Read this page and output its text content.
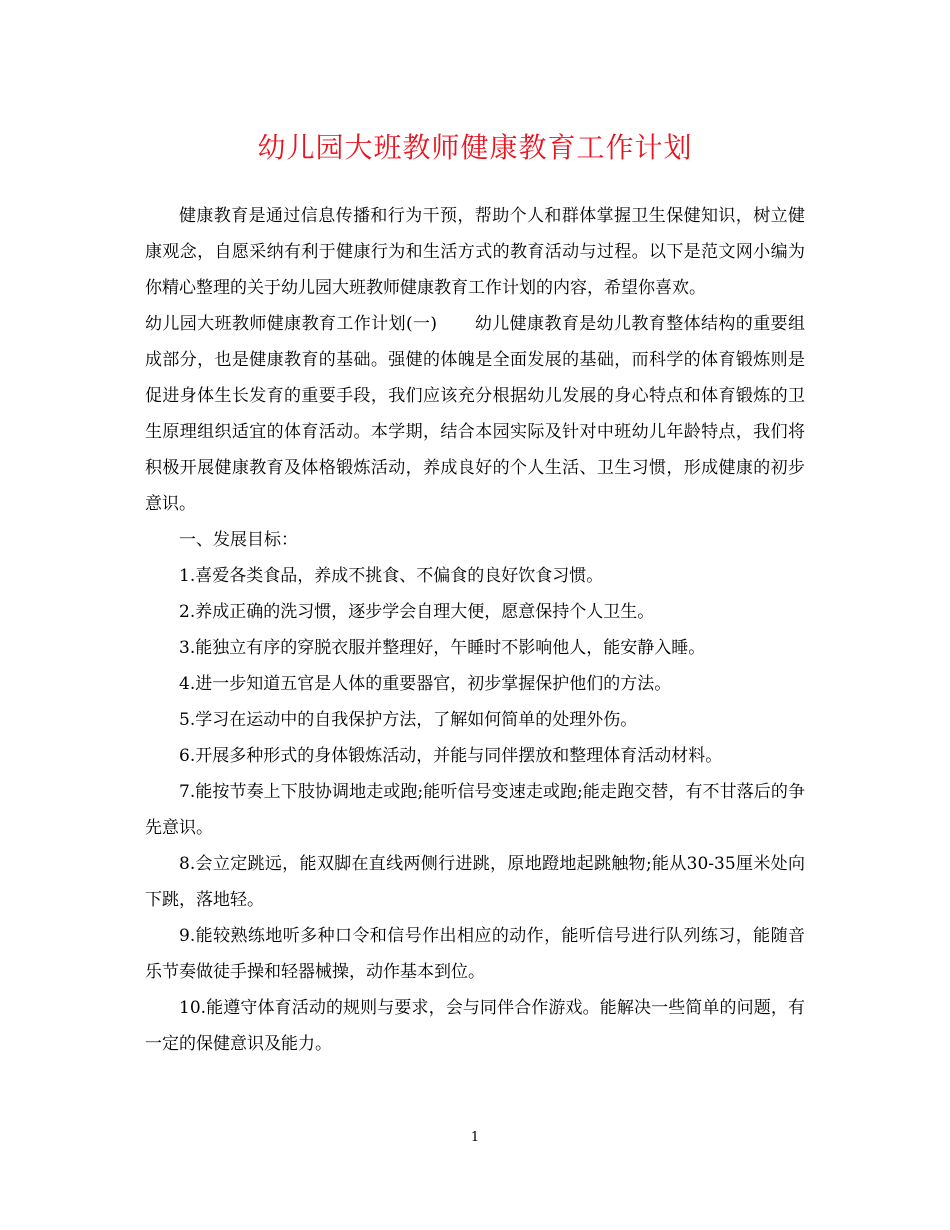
幼儿园大班教师健康教育工作计划

健康教育是通过信息传播和行为干预，帮助个人和群体掌握卫生保健知识，树立健康观念，自愿采纳有利于健康行为和生活方式的教育活动与过程。以下是范文网小编为你精心整理的关于幼儿园大班教师健康教育工作计划的内容，希望你喜欢。

幼儿园大班教师健康教育工作计划(一) 幼儿健康教育是幼儿教育整体结构的重要组成部分，也是健康教育的基础。强健的体魄是全面发展的基础，而科学的体育锻炼则是促进身体生长发育的重要手段，我们应该充分根据幼儿发展的身心特点和体育锻炼的卫生原理组织适宜的体育活动。本学期，结合本园实际及针对中班幼儿年龄特点，我们将积极开展健康教育及体格锻炼活动，养成良好的个人生活、卫生习惯，形成健康的初步意识。

一、发展目标：

1.喜爱各类食品，养成不挑食、不偏食的良好饮食习惯。

2.养成正确的洗习惯，逐步学会自理大便，愿意保持个人卫生。

3.能独立有序的穿脱衣服并整理好，午睡时不影响他人，能安静入睡。

4.进一步知道五官是人体的重要器官，初步掌握保护他们的方法。

5.学习在运动中的自我保护方法，了解如何简单的处理外伤。

6.开展多种形式的身体锻炼活动，并能与同伴摆放和整理体育活动材料。

7.能按节奏上下肢协调地走或跑;能听信号变速走或跑;能走跑交替，有不甘落后的争先意识。

8.会立定跳远，能双脚在直线两侧行进跳，原地蹬地起跳触物;能从30-35厘米处向下跳，落地轻。

9.能较熟练地听多种口令和信号作出相应的动作，能听信号进行队列练习，能随音乐节奏做徒手操和轻器械操，动作基本到位。

10.能遵守体育活动的规则与要求，会与同伴合作游戏。能解决一些简单的问题，有一定的保健意识及能力。

1
